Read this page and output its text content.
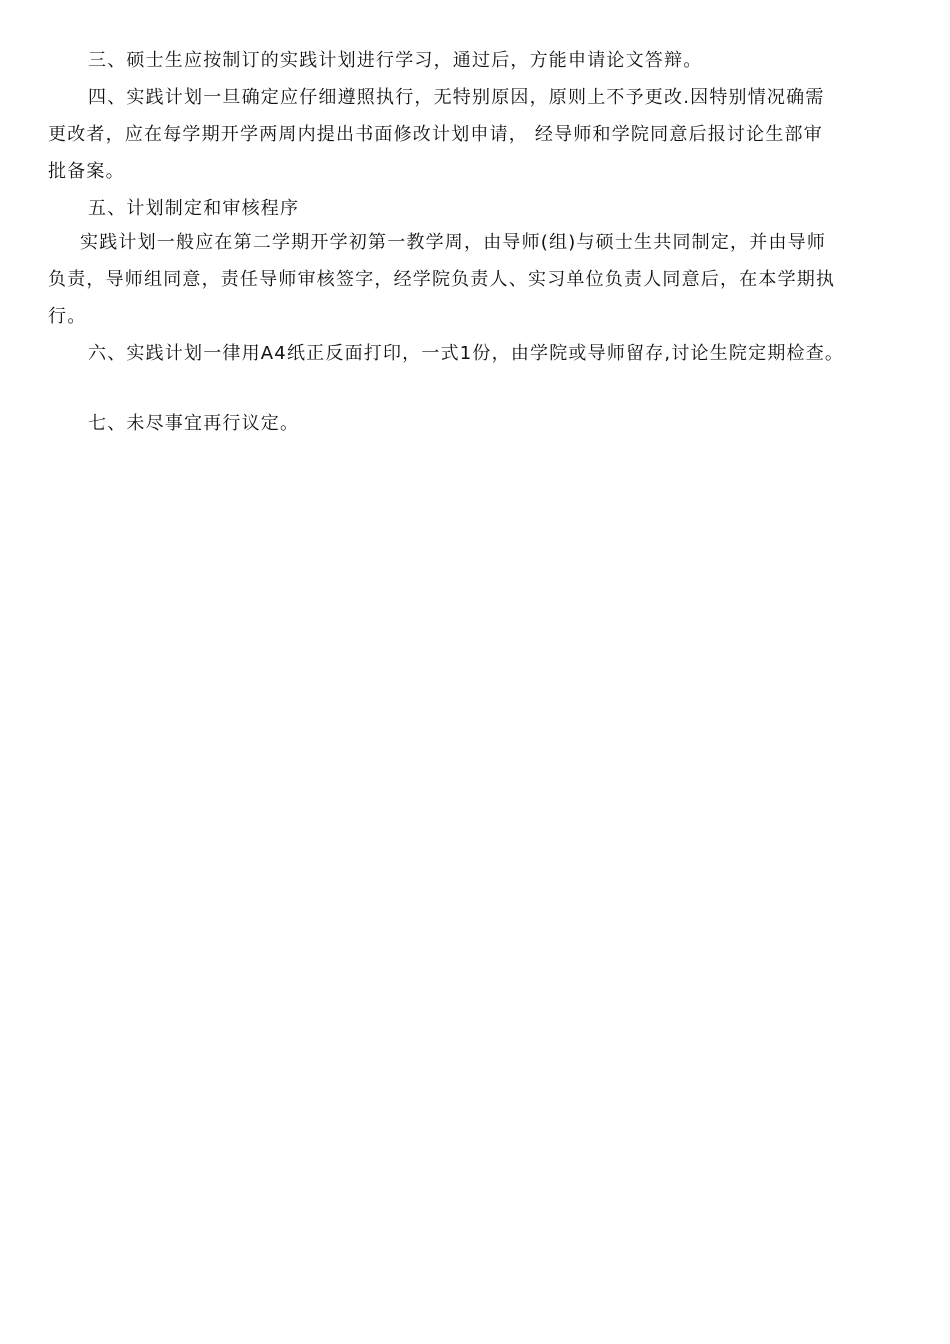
三、硕士生应按制订的实践计划进行学习，通过后，方能申请论文答辩。

四、实践计划一旦确定应仔细遵照执行，无特别原因，原则上不予更改.因特别情况确需
更改者，应在每学期开学两周内提出书面修改计划申请， 经导师和学院同意后报讨论生部审
批备案。

五、计划制定和审核程序

实践计划一般应在第二学期开学初第一教学周，由导师(组)与硕士生共同制定，并由导师
负责，导师组同意，责任导师审核签字，经学院负责人、实习单位负责人同意后，在本学期执
行。

六、实践计划一律用A4纸正反面打印，一式1份，由学院或导师留存,讨论生院定期检查。

七、未尽事宜再行议定。
